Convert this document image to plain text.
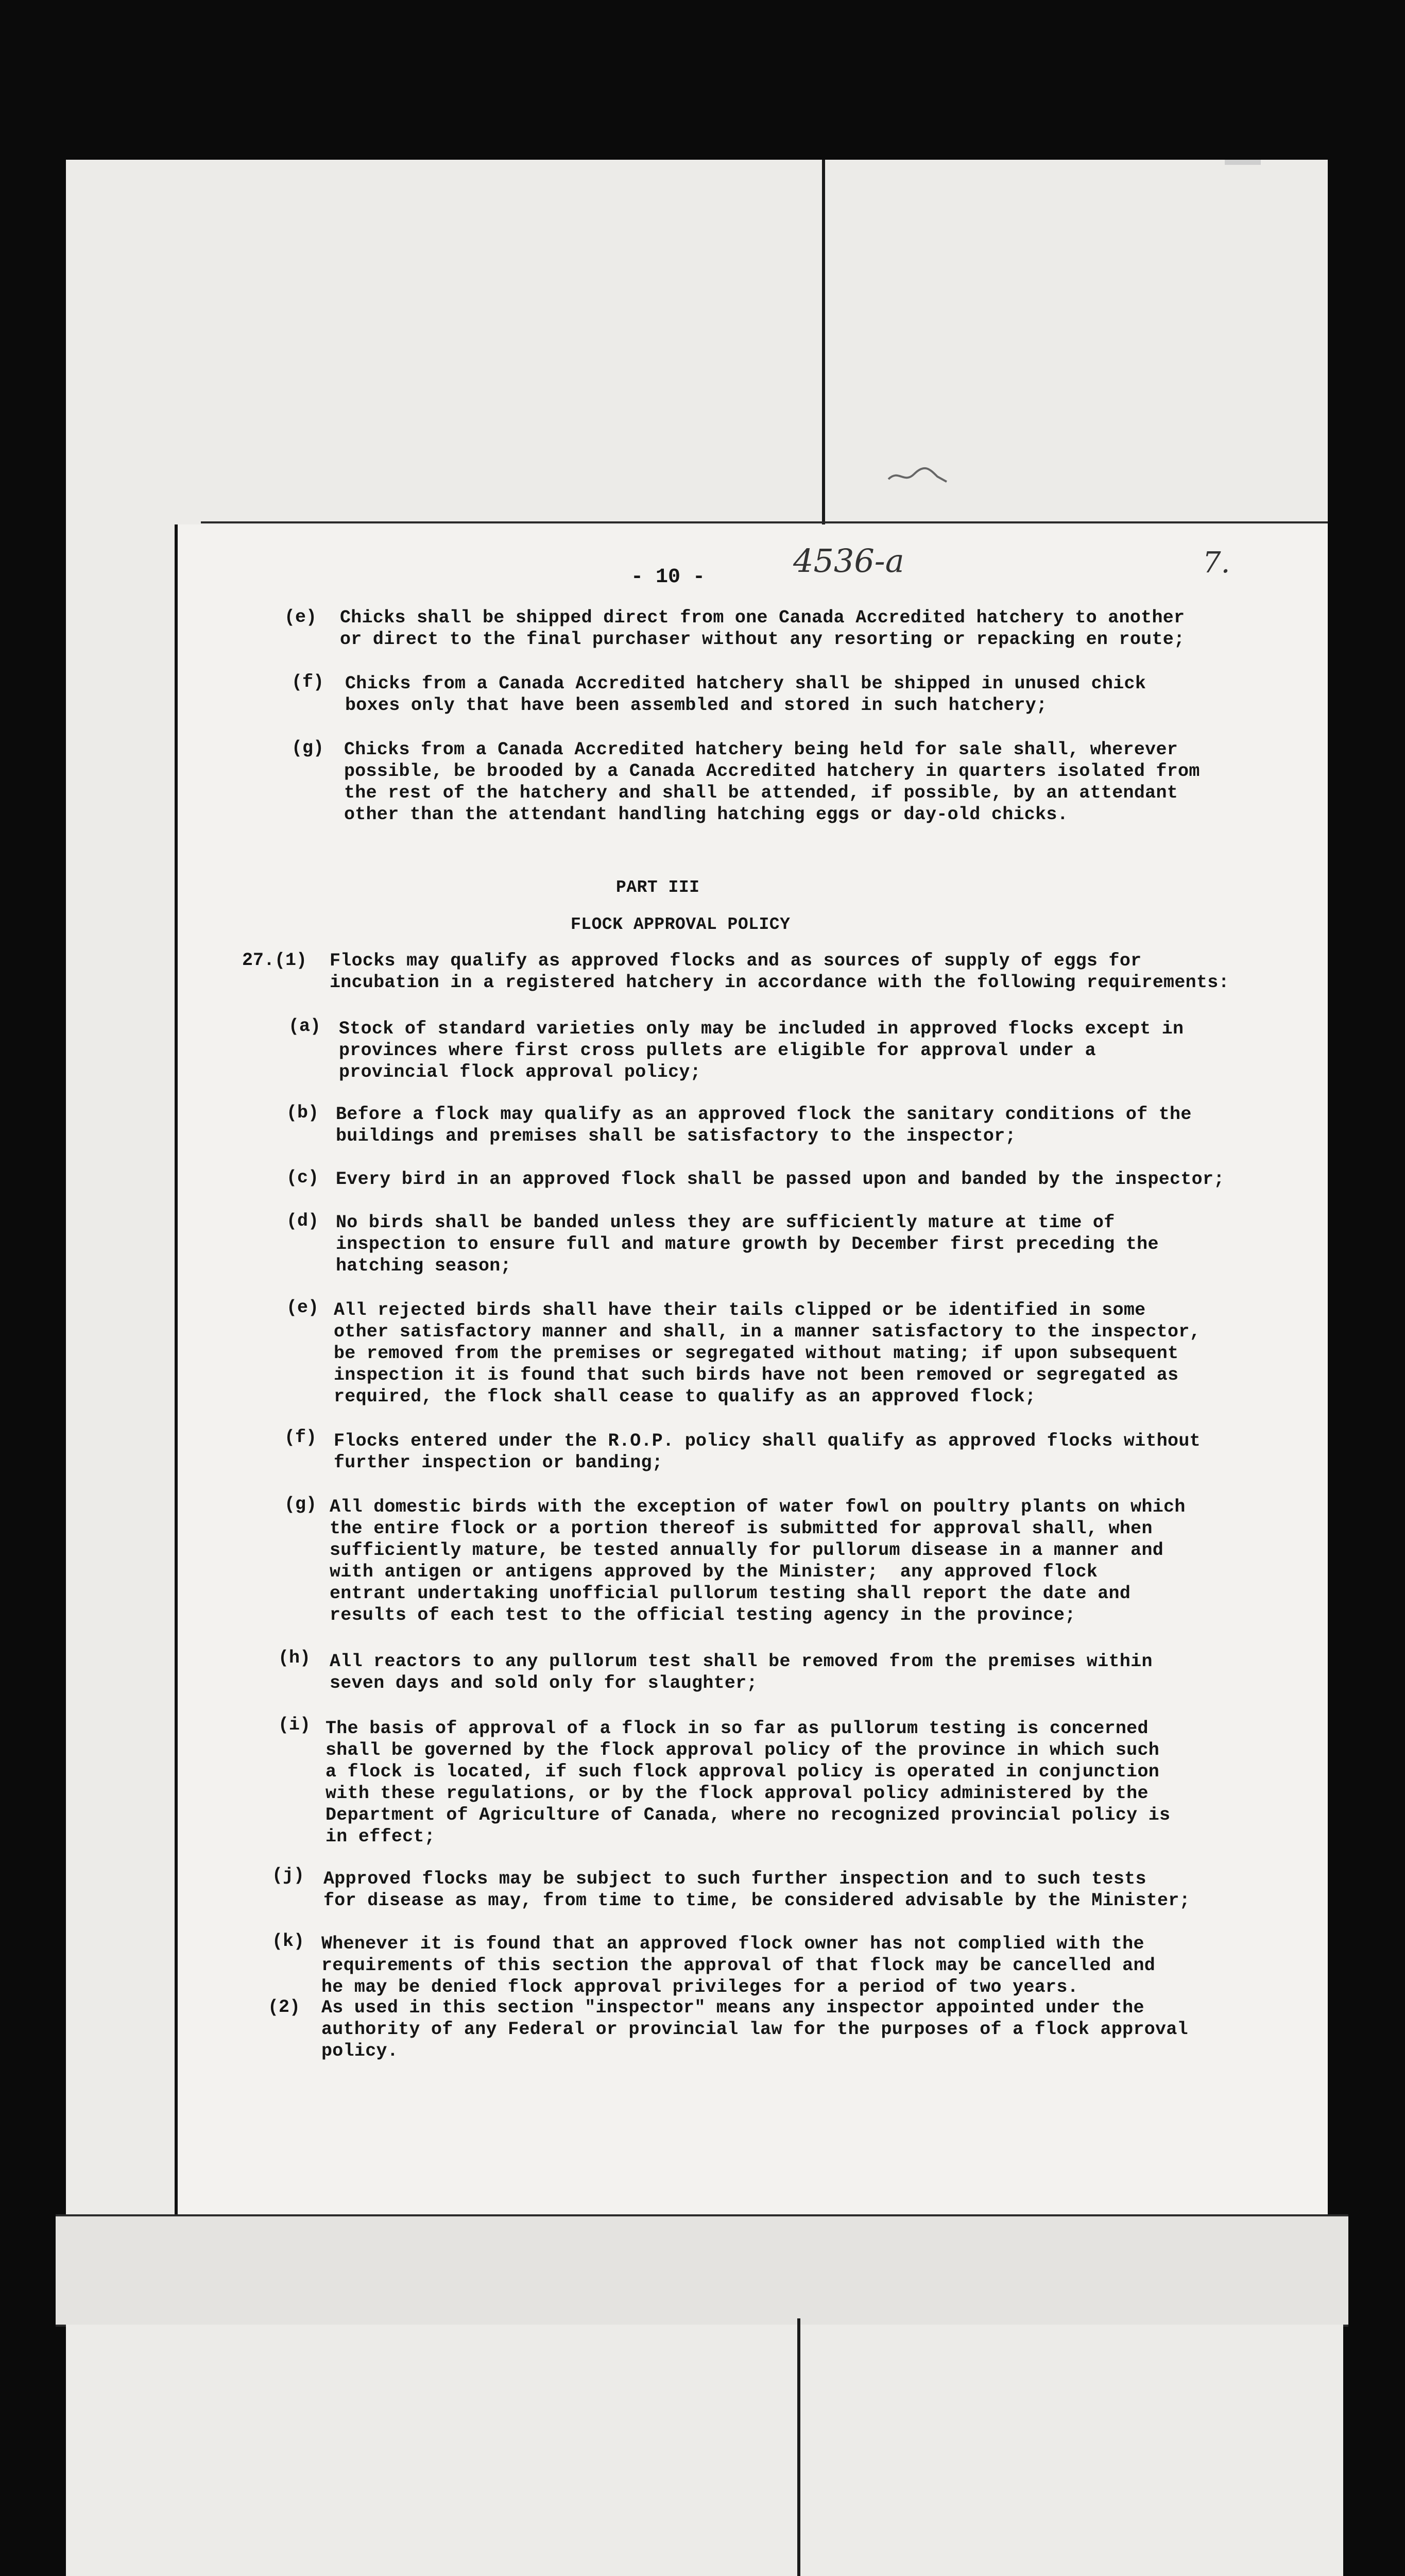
- 10 -	4536-a	7.
(e) Chicks shall be shipped direct from one Canada Accredited hatchery to another
or direct to the final purchaser without any resorting or repacking en route;
(f) Chicks from a Canada Accredited hatchery shall be shipped in unused chick
boxes only that have been assembled and stored in such hatchery;
(g) Chicks from a Canada Accredited hatchery being held for sale shall, wherever
possible, be brooded by a Canada Accredited hatchery in quarters isolated from
the rest of the hatchery and shall be attended, if possible, by an attendant
other than the attendant handling hatching eggs or day-old chicks.
PART III
FLOCK APPROVAL POLICY
27.(1) Flocks may qualify as approved flocks and as sources of supply of eggs for
incubation in a registered hatchery in accordance with the following requirements:
(a) Stock of standard varieties only may be included in approved flocks except in
provinces where first cross pullets are eligible for approval under a
provincial flock approval policy;
(b) Before a flock may qualify as an approved flock the sanitary conditions of the
buildings and premises shall be satisfactory to the inspector;
(c) Every bird in an approved flock shall be passed upon and banded by the inspector;
(d) No birds shall be banded unless they are sufficiently mature at time of
inspection to ensure full and mature growth by December first preceding the
hatching season;
(e) All rejected birds shall have their tails clipped or be identified in some
other satisfactory manner and shall, in a manner satisfactory to the inspector,
be removed from the premises or segregated without mating; if upon subsequent
inspection it is found that such birds have not been removed or segregated as
required, the flock shall cease to qualify as an approved flock;
(f) Flocks entered under the R.O.P. policy shall qualify as approved flocks without
further inspection or banding;
(g) All domestic birds with the exception of water fowl on poultry plants on which
the entire flock or a portion thereof is submitted for approval shall, when
sufficiently mature, be tested annually for pullorum disease in a manner and
with antigen or antigens approved by the Minister;  any approved flock
entrant undertaking unofficial pullorum testing shall report the date and
results of each test to the official testing agency in the province;
(h) All reactors to any pullorum test shall be removed from the premises within
seven days and sold only for slaughter;
(i) The basis of approval of a flock in so far as pullorum testing is concerned
shall be governed by the flock approval policy of the province in which such
a flock is located, if such flock approval policy is operated in conjunction
with these regulations, or by the flock approval policy administered by the
Department of Agriculture of Canada, where no recognized provincial policy is
in effect;
(j) Approved flocks may be subject to such further inspection and to such tests
for disease as may, from time to time, be considered advisable by the Minister;
(k) Whenever it is found that an approved flock owner has not complied with the
requirements of this section the approval of that flock may be cancelled and
he may be denied flock approval privileges for a period of two years.
(2) As used in this section "inspector" means any inspector appointed under the
authority of any Federal or provincial law for the purposes of a flock approval
policy.
